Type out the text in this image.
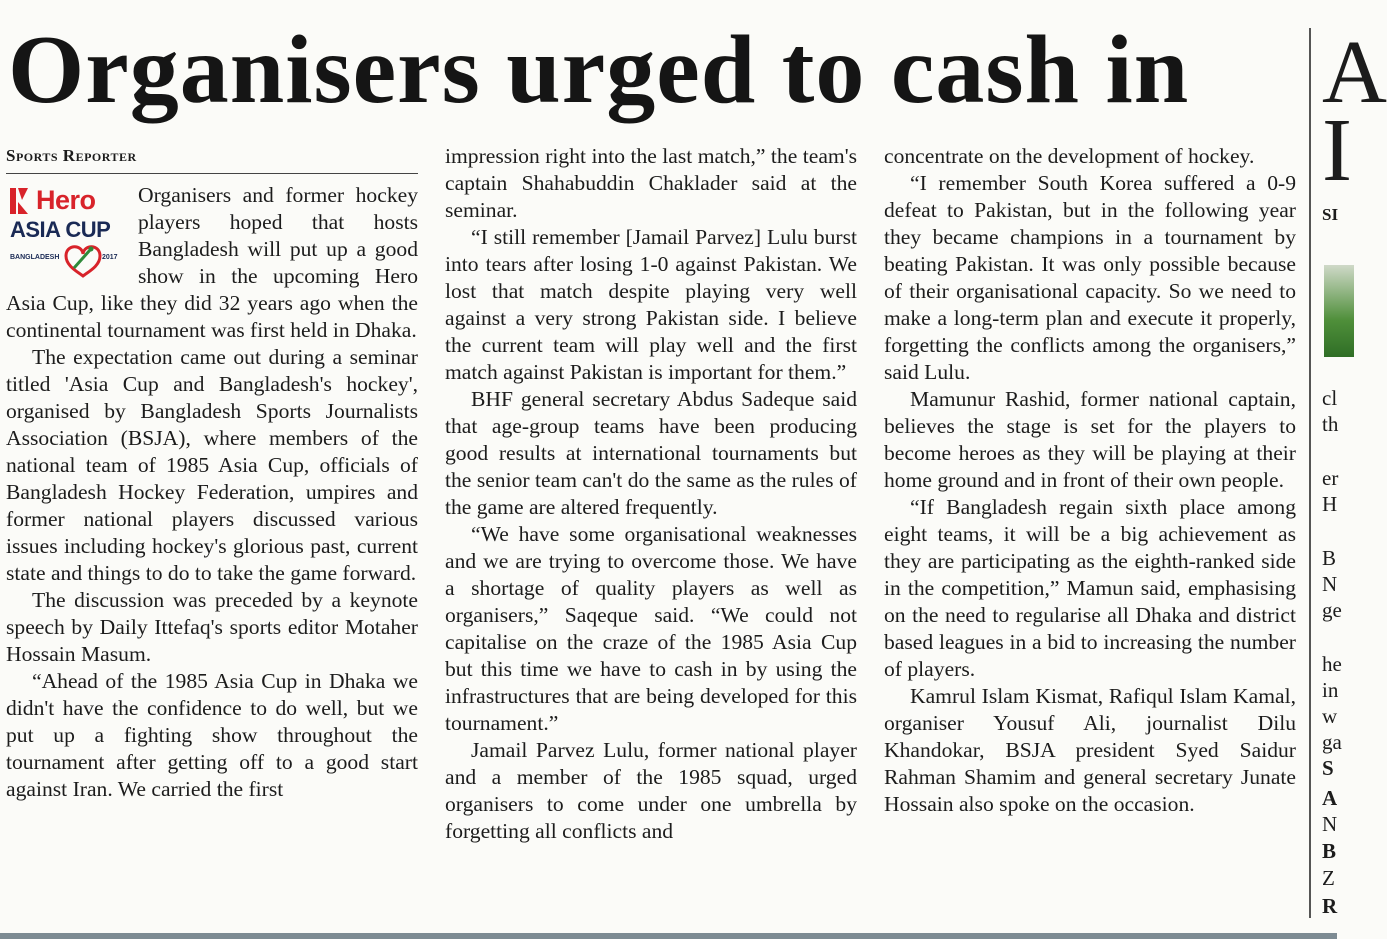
Organisers urged to cash in
Sports Reporter
Hero
ASIA CUP
BANGLADESH	2017

Organisers and former hockey players hoped that hosts Bangladesh will put up a good show in the upcoming Hero Asia Cup, like they did 32 years ago when the continental tournament was first held in Dhaka.

The expectation came out during a seminar titled 'Asia Cup and Bangladesh's hockey', organised by Bangladesh Sports Journalists Association (BSJA), where members of the national team of 1985 Asia Cup, officials of Bangladesh Hockey Federation, umpires and former national players discussed various issues including hockey's glorious past, current state and things to do to take the game forward.

The discussion was preceded by a keynote speech by Daily Ittefaq's sports editor Motaher Hossain Masum.

“Ahead of the 1985 Asia Cup in Dhaka we didn't have the confidence to do well, but we put up a fighting show throughout the tournament after getting off to a good start against Iran. We carried the first

impression right into the last match,” the team's captain Shahabuddin Chaklader said at the seminar.

“I still remember [Jamail Parvez] Lulu burst into tears after losing 1-0 against Pakistan. We lost that match despite playing very well against a very strong Pakistan side. I believe the current team will play well and the first match against Pakistan is important for them.”

BHF general secretary Abdus Sadeque said that age-group teams have been producing good results at international tournaments but the senior team can't do the same as the rules of the game are altered frequently.

“We have some organisational weaknesses and we are trying to overcome those. We have a shortage of quality players as well as organisers,” Saqeque said. “We could not capitalise on the craze of the 1985 Asia Cup but this time we have to cash in by using the infrastructures that are being developed for this tournament.”

Jamail Parvez Lulu, former national player and a member of the 1985 squad, urged organisers to come under one umbrella by forgetting all conflicts and

concentrate on the development of hockey.

“I remember South Korea suffered a 0-9 defeat to Pakistan, but in the following year they became champions in a tournament by beating Pakistan. It was only possible because of their organisational capacity. So we need to make a long-term plan and execute it properly, forgetting the conflicts among the organisers,” said Lulu.

Mamunur Rashid, former national captain, believes the stage is set for the players to become heroes as they will be playing at their home ground and in front of their own people.

“If Bangladesh regain sixth place among eight teams, it will be a big achievement as they are participating as the eighth-ranked side in the competition,” Mamun said, emphasising on the need to regularise all Dhaka and district based leagues in a bid to increasing the number of players.

Kamrul Islam Kismat, Rafiqul Islam Kamal, organiser Yousuf Ali, journalist Dilu Khandokar, BSJA president Syed Saidur Rahman Shamim and general secretary Junate Hossain also spoke on the occasion.

A
I
SI
cl
th
er
H
B
N
ge
he
in
w
ga
S
A
N
B
Z
R
